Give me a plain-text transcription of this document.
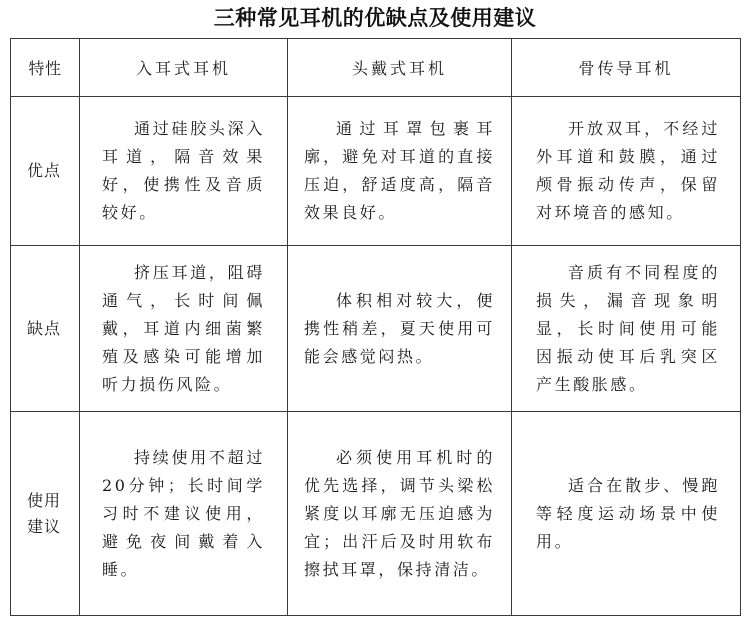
三种常见耳机的优缺点及使用建议
特性	入耳式耳机	头戴式耳机	骨传导耳机
优点	通过硅胶头深入耳道，隔音效果好，使携性及音质较好。	通过耳罩包裹耳廓，避免对耳道的直接压迫，舒适度高，隔音效果良好。	开放双耳，不经过外耳道和鼓膜，通过颅骨振动传声，保留对环境音的感知。

缺点	挤压耳道，阻碍通气，长时间佩戴，耳道内细菌繁殖及感染可能增加听力损伤风险。	体积相对较大，便携性稍差，夏天使用可能会感觉闷热。	音质有不同程度的损失，漏音现象明显，长时间使用可能因振动使耳后乳突区产生酸胀感。

使用建议	持续使用不超过20分钟；长时间学习时不建议使用，避免夜间戴着入睡。	必须使用耳机时的优先选择，调节头梁松紧度以耳廓无压迫感为宜；出汗后及时用软布擦拭耳罩，保持清洁。	适合在散步、慢跑等轻度运动场景中使用。
